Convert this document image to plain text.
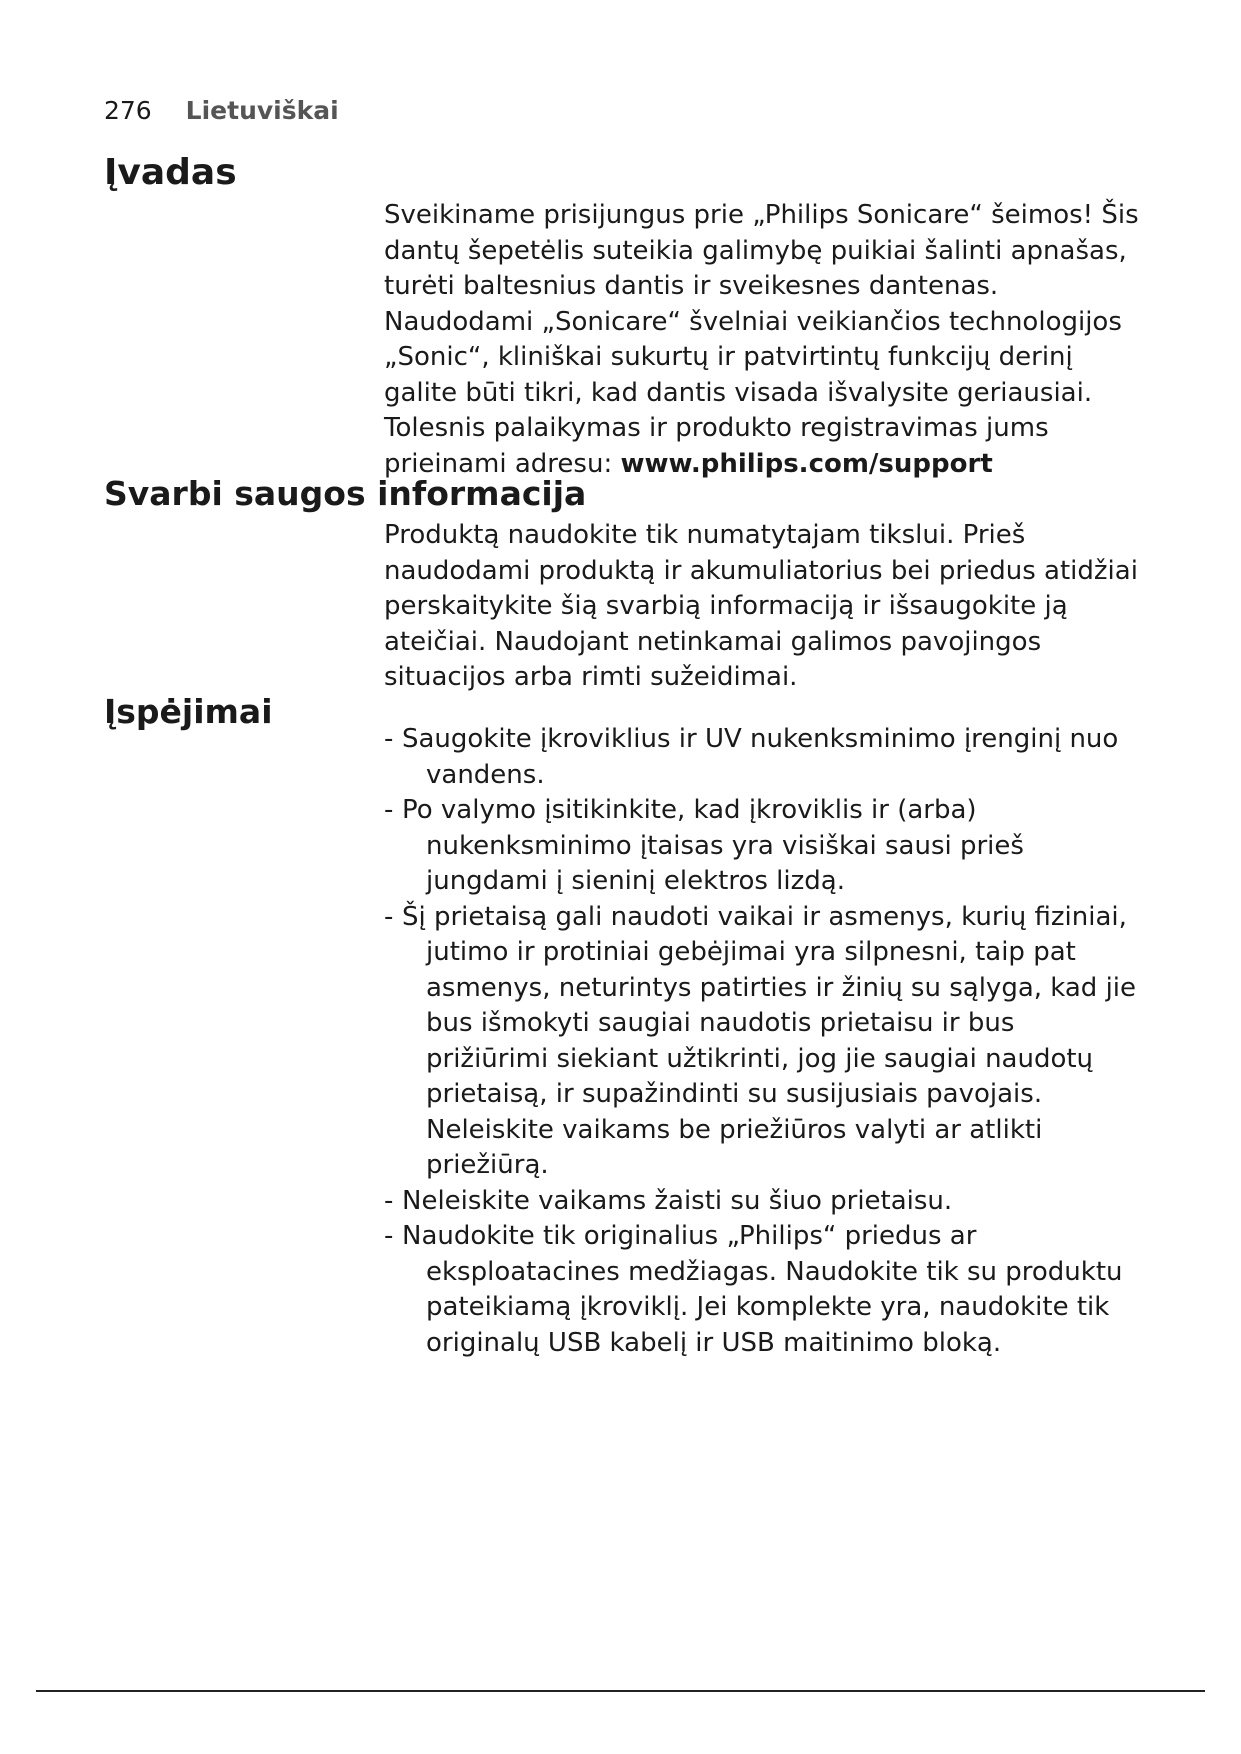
276 Lietuviškai
Įvadas

Sveikiname prisijungus prie „Philips Sonicare“ šeimos! Šis dantų šepetėlis suteikia galimybę puikiai šalinti apnašas, turėti baltesnius dantis ir sveikesnes dantenas. Naudodami „Sonicare“ švelniai veikiančios technologijos „Sonic“, kliniškai sukurtų ir patvirtintų funkcijų derinį galite būti tikri, kad dantis visada išvalysite geriausiai. Tolesnis palaikymas ir produkto registravimas jums prieinami adresu: www.philips.com/support

Svarbi saugos informacija

Produktą naudokite tik numatytajam tikslui. Prieš naudodami produktą ir akumuliatorius bei priedus atidžiai perskaitykite šią svarbią informaciją ir išsaugokite ją ateičiai. Naudojant netinkamai galimos pavojingos situacijos arba rimti sužeidimai.

Įspėjimai
- Saugokite įkroviklius ir UV nukenksminimo įrenginį nuo vandens.
- Po valymo įsitikinkite, kad įkroviklis ir (arba) nukenksminimo įtaisas yra visiškai sausi prieš jungdami į sieninį elektros lizdą.
- Šį prietaisą gali naudoti vaikai ir asmenys, kurių fiziniai, jutimo ir protiniai gebėjimai yra silpnesni, taip pat asmenys, neturintys patirties ir žinių su sąlyga, kad jie bus išmokyti saugiai naudotis prietaisu ir bus prižiūrimi siekiant užtikrinti, jog jie saugiai naudotų prietaisą, ir supažindinti su susijusiais pavojais. Neleiskite vaikams be priežiūros valyti ar atlikti priežiūrą.
- Neleiskite vaikams žaisti su šiuo prietaisu.
- Naudokite tik originalius „Philips“ priedus ar eksploatacines medžiagas. Naudokite tik su produktu pateikiamą įkroviklį. Jei komplekte yra, naudokite tik originalų USB kabelį ir USB maitinimo bloką.
